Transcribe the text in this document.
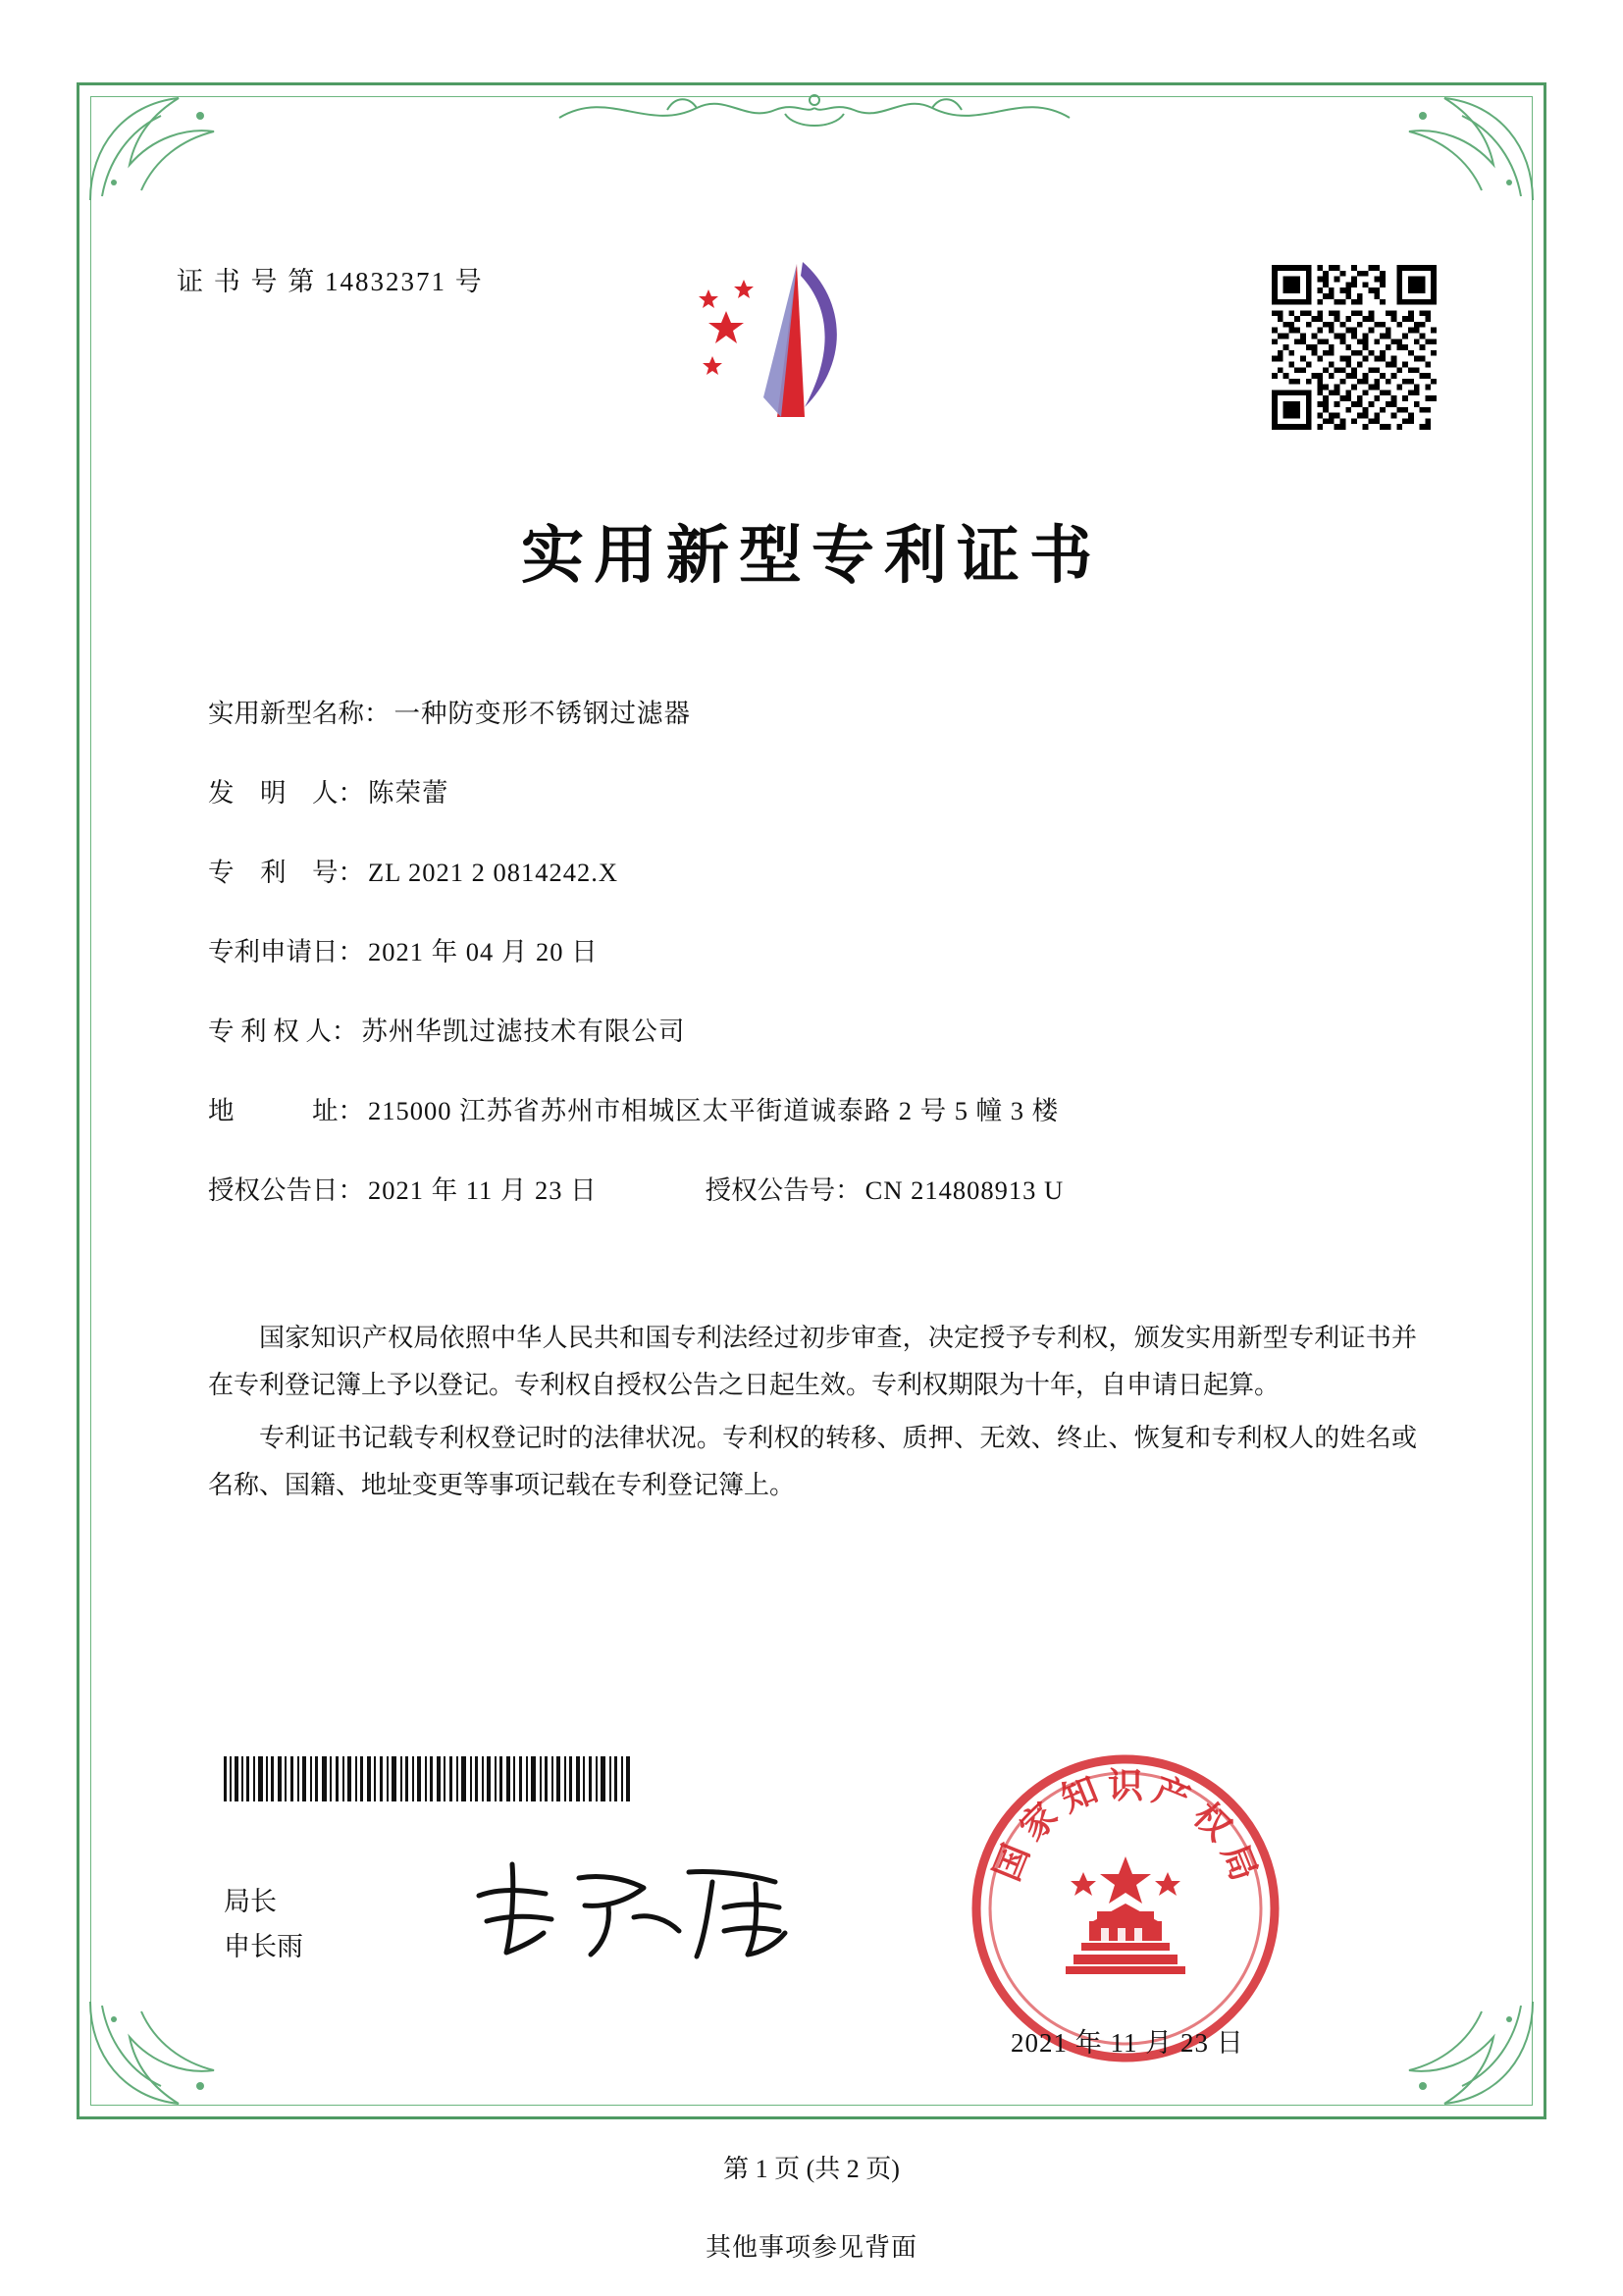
证 书 号 第 14832371 号
实用新型专利证书
实用新型名称： 一种防变形不锈钢过滤器
发　明　人： 陈荣蕾
专　利　号： ZL 2021 2 0814242.X
专利申请日： 2021 年 04 月 20 日
专 利 权 人： 苏州华凯过滤技术有限公司
地　　　址： 215000 江苏省苏州市相城区太平街道诚泰路 2 号 5 幢 3 楼
授权公告日： 2021 年 11 月 23 日	授权公告号： CN 214808913 U

国家知识产权局依照中华人民共和国专利法经过初步审查，决定授予专利权，颁发实用新型专利证书并在专利登记簿上予以登记。专利权自授权公告之日起生效。专利权期限为十年，自申请日起算。

专利证书记载专利权登记时的法律状况。专利权的转移、质押、无效、终止、恢复和专利权人的姓名或名称、国籍、地址变更等事项记载在专利登记簿上。

局长
申长雨
国
家
知 识 产
权
局
2021 年 11 月 23 日
第 1 页 (共 2 页)
其他事项参见背面
